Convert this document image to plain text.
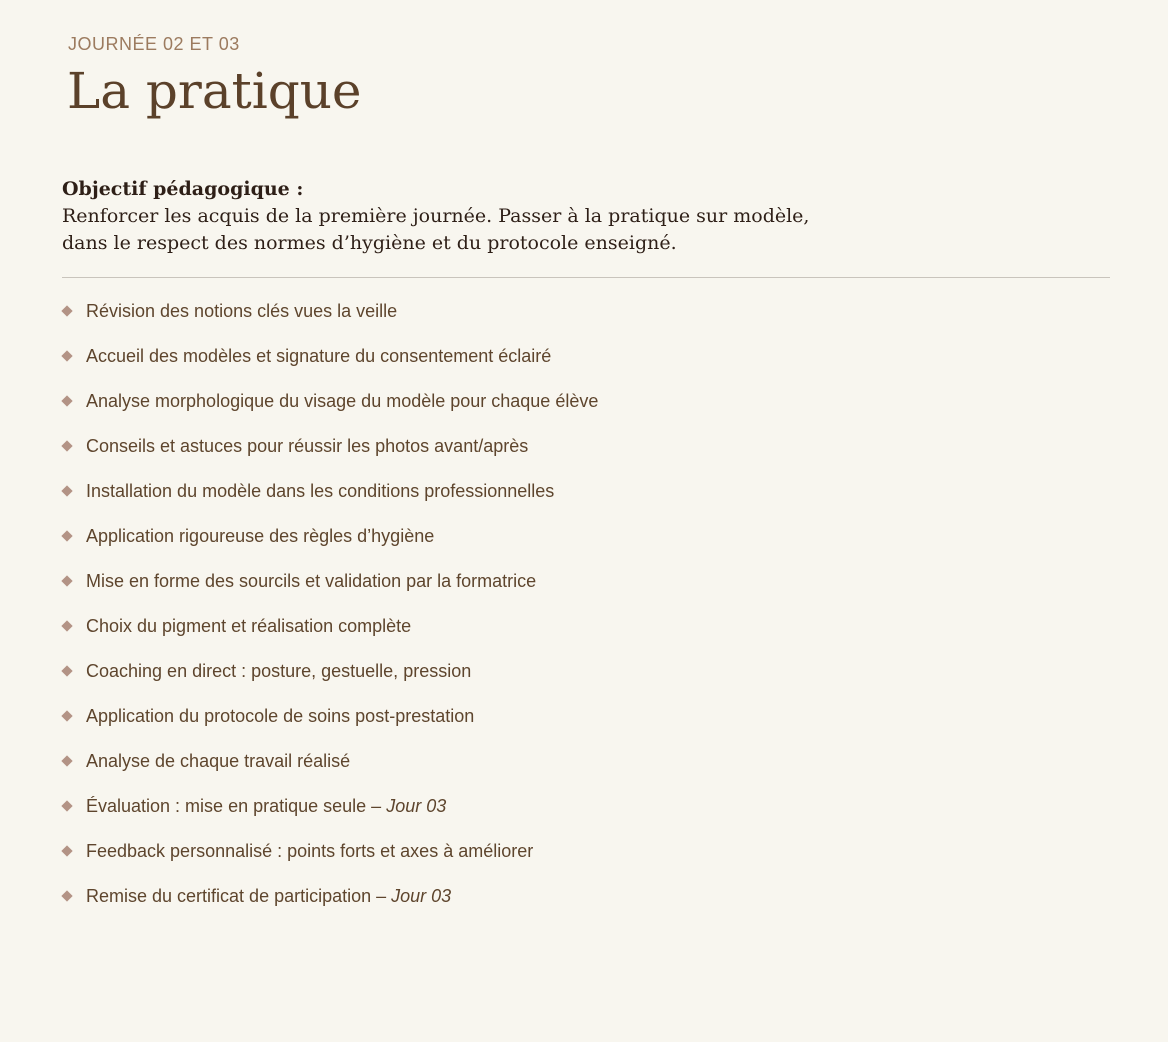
JOURNÉE 02 ET 03
La pratique
Objectif pédagogique :
Renforcer les acquis de la première journée. Passer à la pratique sur modèle,
dans le respect des normes d’hygiène et du protocole enseigné.
Révision des notions clés vues la veille
Accueil des modèles et signature du consentement éclairé
Analyse morphologique du visage du modèle pour chaque élève
Conseils et astuces pour réussir les photos avant/après
Installation du modèle dans les conditions professionnelles
Application rigoureuse des règles d’hygiène
Mise en forme des sourcils et validation par la formatrice
Choix du pigment et réalisation complète
Coaching en direct : posture, gestuelle, pression
Application du protocole de soins post-prestation
Analyse de chaque travail réalisé
Évaluation : mise en pratique seule – Jour 03
Feedback personnalisé : points forts et axes à améliorer
Remise du certificat de participation – Jour 03
